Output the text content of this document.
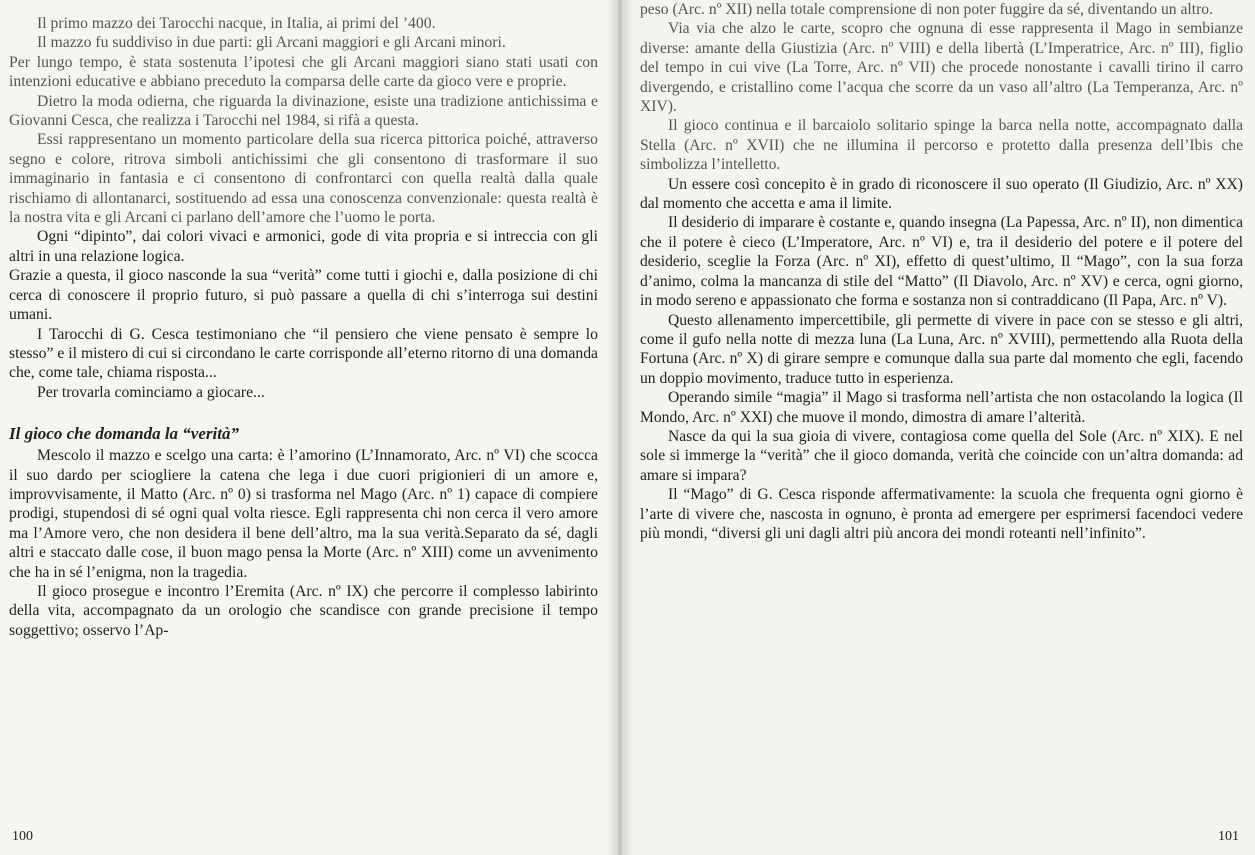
Il primo mazzo dei Tarocchi nacque, in Italia, ai primi del ’400.

Il mazzo fu suddiviso in due parti: gli Arcani maggiori e gli Arcani minori.

Per lungo tempo, è stata sostenuta l’ipotesi che gli Arcani maggiori siano stati usati con intenzioni educative e abbiano preceduto la comparsa delle carte da gioco vere e proprie.

Dietro la moda odierna, che riguarda la divinazione, esiste una tradizione antichissima e Giovanni Cesca, che realizza i Tarocchi nel 1984, si rifà a questa.

Essi rappresentano un momento particolare della sua ricerca pittorica poiché, attraverso segno e colore, ritrova simboli antichissimi che gli consentono di trasformare il suo immaginario in fantasia e ci consentono di confrontarci con quella realtà dalla quale rischiamo di allontanarci, sostituendo ad essa una conoscenza convenzionale: questa realtà è la nostra vita e gli Arcani ci parlano dell’amore che l’uomo le porta.

Ogni “dipinto”, dai colori vivaci e armonici, gode di vita propria e si intreccia con gli altri in una relazione logica.

Grazie a questa, il gioco nasconde la sua “verità” come tutti i giochi e, dalla posizione di chi cerca di conoscere il proprio futuro, si può passare a quella di chi s’interroga sui destini umani.

I Tarocchi di G. Cesca testimoniano che “il pensiero che viene pensato è sempre lo stesso” e il mistero di cui si circondano le carte corrisponde all’eterno ritorno di una domanda che, come tale, chiama risposta...

Per trovarla cominciamo a giocare...

Il gioco che domanda la “verità”

Mescolo il mazzo e scelgo una carta: è l’amorino (L’Innamorato, Arc. nº VI) che scocca il suo dardo per sciogliere la catena che lega i due cuori prigionieri di un amore e, improvvisamente, il Matto (Arc. nº 0) si trasforma nel Mago (Arc. nº 1) capace di compiere prodigi, stupendosi di sé ogni qual volta riesce. Egli rappresenta chi non cerca il vero amore ma l’Amore vero, che non desidera il bene dell’altro, ma la sua verità.Separato da sé, dagli altri e staccato dalle cose, il buon mago pensa la Morte (Arc. nº XIII) come un avvenimento che ha in sé l’enigma, non la tragedia.

Il gioco prosegue e incontro l’Eremita (Arc. nº IX) che percorre il complesso labirinto della vita, accompagnato da un orologio che scandisce con grande precisione il tempo soggettivo; osservo l’Ap-

100

peso (Arc. nº XII) nella totale comprensione di non poter fuggire da sé, diventando un altro.

Via via che alzo le carte, scopro che ognuna di esse rappresenta il Mago in sembianze diverse: amante della Giustizia (Arc. nº VIII) e della libertà (L’Imperatrice, Arc. nº III), figlio del tempo in cui vive (La Torre, Arc. nº VII) che procede nonostante i cavalli tirino il carro divergendo, e cristallino come l’acqua che scorre da un vaso all’altro (La Temperanza, Arc. nº XIV).

Il gioco continua e il barcaiolo solitario spinge la barca nella notte, accompagnato dalla Stella (Arc. nº XVII) che ne illumina il percorso e protetto dalla presenza dell’Ibis che simbolizza l’intelletto.

Un essere così concepito è in grado di riconoscere il suo operato (Il Giudizio, Arc. nº XX) dal momento che accetta e ama il limite.

Il desiderio di imparare è costante e, quando insegna (La Papessa, Arc. nº II), non dimentica che il potere è cieco (L’Imperatore, Arc. nº VI) e, tra il desiderio del potere e il potere del desiderio, sceglie la Forza (Arc. nº XI), effetto di quest’ultimo, Il “Mago”, con la sua forza d’animo, colma la mancanza di stile del “Matto” (Il Diavolo, Arc. nº XV) e cerca, ogni giorno, in modo sereno e appassionato che forma e sostanza non si contraddicano (Il Papa, Arc. nº V).

Questo allenamento impercettibile, gli permette di vivere in pace con se stesso e gli altri, come il gufo nella notte di mezza luna (La Luna, Arc. nº XVIII), permettendo alla Ruota della Fortuna (Arc. nº X) di girare sempre e comunque dalla sua parte dal momento che egli, facendo un doppio movimento, traduce tutto in esperienza.

Operando simile “magia” il Mago si trasforma nell’artista che non ostacolando la logica (Il Mondo, Arc. nº XXI) che muove il mondo, dimostra di amare l’alterità.

Nasce da qui la sua gioia di vivere, contagiosa come quella del Sole (Arc. nº XIX). E nel sole si immerge la “verità” che il gioco domanda, verità che coincide con un’altra domanda: ad amare si impara?

Il “Mago” di G. Cesca risponde affermativamente: la scuola che frequenta ogni giorno è l’arte di vivere che, nascosta in ognuno, è pronta ad emergere per esprimersi facendoci vedere più mondi, “diversi gli uni dagli altri più ancora dei mondi roteanti nell’infinito”.

101
